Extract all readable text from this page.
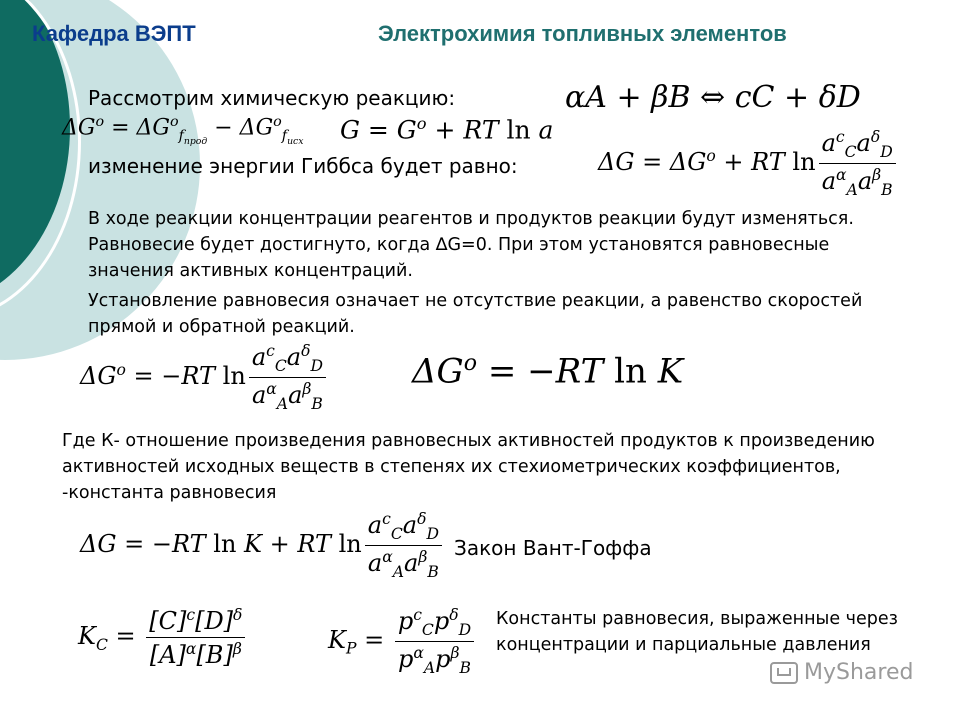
Кафедра ВЭПТ	Электрохимия топливных элементов
Рассмотрим химическую реакцию:	αA + βB ⇔ cC + δD
$\Delta G^o = \Delta G^o_{f_{прод}} - \Delta G^o_{f_{исх}}$ $G = G^o$ + RT ln a
изменение энергии Гиббса будет равно:	$\Delta G = \Delta G^o$ + RT $\ln \frac{a^c_Ca^\delta_D}{a^\alpha_Aa^\beta_B}$
В ходе реакции концентрации реагентов и продуктов реакции будут изменяться. Равновесие будет достигнуто, когда ∆G=0. При этом установятся равновесные значения активных концентраций.
Установление равновесия означает не отсутствие реакции, а равенство скоростей прямой и обратной реакций.
$\Delta G^o = -RT$ $\ln \frac{a^c_Ca^\delta_D}{a^\alpha_Aa^\beta_B}$	$\Delta G^o = -RT$ ln K
Где К- отношение произведения равновесных активностей продуктов к произведению активностей исходных веществ в степенях их стехиометрических коэффициентов, -константа равновесия
ΔG = −RT ln K + RT $\ln \frac{a^c_Ca^\delta_D}{a^\alpha_Aa^\beta_B}$ Закон Вант-Гоффа
$K_C = \frac{[C]^c[D]^\delta}{[A]^\alpha[B]^\beta}$	$K_P = \frac{p^c_Cp^\delta_D}{p^\alpha_Ap^\beta_B}$ Константы равновесия, выраженные через концентрации и парциальные давления
MyShared
